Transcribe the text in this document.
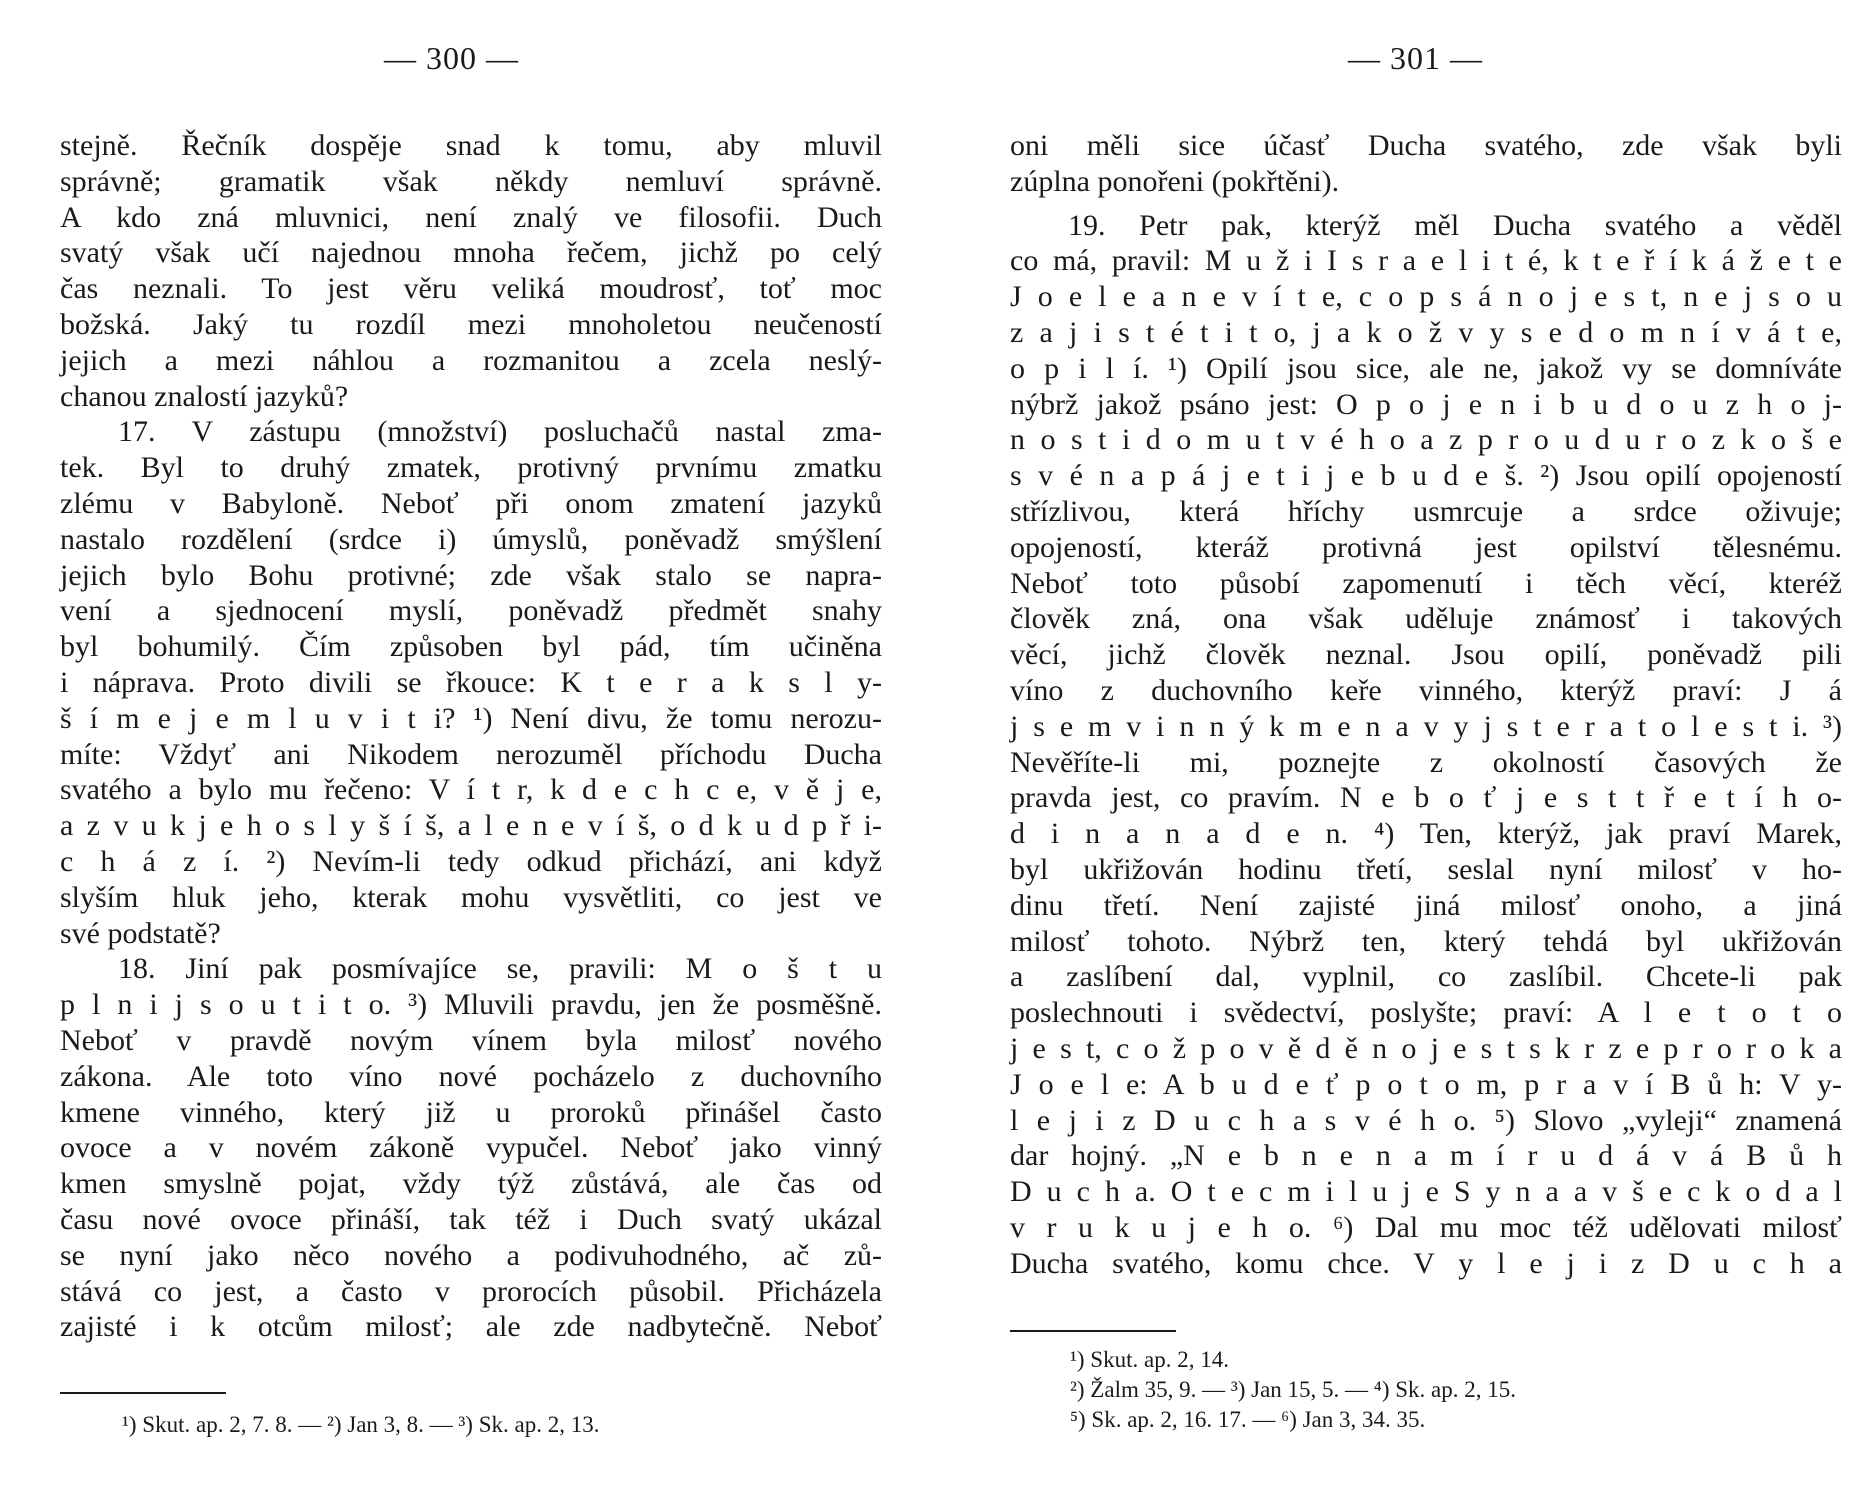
— 300 —
stejně. Řečník dospěje snad k tomu, aby mluvil
správně; gramatik však někdy nemluví správně.
A kdo zná mluvnici, není znalý ve filosofii. Duch
svatý však učí najednou mnoha řečem, jichž po celý
čas neznali. To jest věru veliká moudrosť, toť moc
božská. Jaký tu rozdíl mezi mnoholetou neučeností
jejich a mezi náhlou a rozmanitou a zcela neslý-
chanou znalostí jazyků?
17. V zástupu (množství) posluchačů nastal zma-
tek. Byl to druhý zmatek, protivný prvnímu zmatku
zlému v Babyloně. Neboť při onom zmatení jazyků
nastalo rozdělení (srdce i) úmyslů, poněvadž smýšlení
jejich bylo Bohu protivné; zde však stalo se napra-
vení a sjednocení myslí, poněvadž předmět snahy
byl bohumilý. Čím způsoben byl pád, tím učiněna
i náprava. Proto divili se řkouce: K t e r a k s l y-
š í m e j e m l u v i t i? ¹) Není divu, že tomu nerozu-
míte: Vždyť ani Nikodem nerozuměl příchodu Ducha
svatého a bylo mu řečeno: V í t r, k d e c h c e, v ě j e,
a z v u k j e h o s l y š í š, a l e n e v í š, o d k u d p ř i-
c h á z í. ²) Nevím-li tedy odkud přichází, ani když
slyším hluk jeho, kterak mohu vysvětliti, co jest ve
své podstatě?
18. Jiní pak posmívajíce se, pravili: M o š t u
p l n i j s o u t i t o. ³) Mluvili pravdu, jen že posměšně.
Neboť v pravdě novým vínem byla milosť nového
zákona. Ale toto víno nové pocházelo z duchovního
kmene vinného, který již u proroků přinášel často
ovoce a v novém zákoně vypučel. Neboť jako vinný
kmen smyslně pojat, vždy týž zůstává, ale čas od
času nové ovoce přináší, tak též i Duch svatý ukázal
se nyní jako něco nového a podivuhodného, ač zů-
stává co jest, a často v prorocích působil. Přicházela
zajisté i k otcům milosť; ale zde nadbytečně. Neboť
¹) Skut. ap. 2, 7. 8. — ²) Jan 3, 8. — ³) Sk. ap. 2, 13.
— 301 —
oni měli sice účasť Ducha svatého, zde však byli
zúplna ponořeni (pokřtěni).
19. Petr pak, kterýž měl Ducha svatého a věděl
co má, pravil: M u ž i I s r a e l i t é, k t e ř í k á ž e t e
J o e l e a n e v í t e, c o p s á n o j e s t, n e j s o u
z a j i s t é t i t o, j a k o ž v y s e d o m n í v á t e,
o p i l í. ¹) Opilí jsou sice, ale ne, jakož vy se domníváte
nýbrž jakož psáno jest: O p o j e n i b u d o u z h o j-
n o s t i d o m u t v é h o a z p r o u d u r o z k o š e
s v é n a p á j e t i j e b u d e š. ²) Jsou opilí opojeností
střízlivou, která hříchy usmrcuje a srdce oživuje;
opojeností, kteráž protivná jest opilství tělesnému.
Neboť toto působí zapomenutí i těch věcí, kteréž
člověk zná, ona však uděluje známosť i takových
věcí, jichž člověk neznal. Jsou opilí, poněvadž pili
víno z duchovního keře vinného, kterýž praví: J á
j s e m v i n n ý k m e n a v y j s t e r a t o l e s t i. ³)
Nevěříte-li mi, poznejte z okolností časových že
pravda jest, co pravím. N e b o ť j e s t t ř e t í h o-
d i n a n a d e n. ⁴) Ten, kterýž, jak praví Marek,
byl ukřižován hodinu třetí, seslal nyní milosť v ho-
dinu třetí. Není zajisté jiná milosť onoho, a jiná
milosť tohoto. Nýbrž ten, který tehdá byl ukřižován
a zaslíbení dal, vyplnil, co zaslíbil. Chcete-li pak
poslechnouti i svědectví, poslyšte; praví: A l e t o t o
j e s t, c o ž p o v ě d ě n o j e s t s k r z e p r o r o k a
J o e l e: A b u d e ť p o t o m, p r a v í B ů h: V y-
l e j i z D u c h a s v é h o. ⁵) Slovo „vyleji“ znamená
dar hojný. „N e b n e n a m í r u d á v á B ů h
D u c h a. O t e c m i l u j e S y n a a v š e c k o d a l
v r u k u j e h o. ⁶) Dal mu moc též udělovati milosť
Ducha svatého, komu chce. V y l e j i z D u c h a
¹) Skut. ap. 2, 14.
²) Žalm 35, 9. — ³) Jan 15, 5. — ⁴) Sk. ap. 2, 15.
⁵) Sk. ap. 2, 16. 17. — ⁶) Jan 3, 34. 35.
